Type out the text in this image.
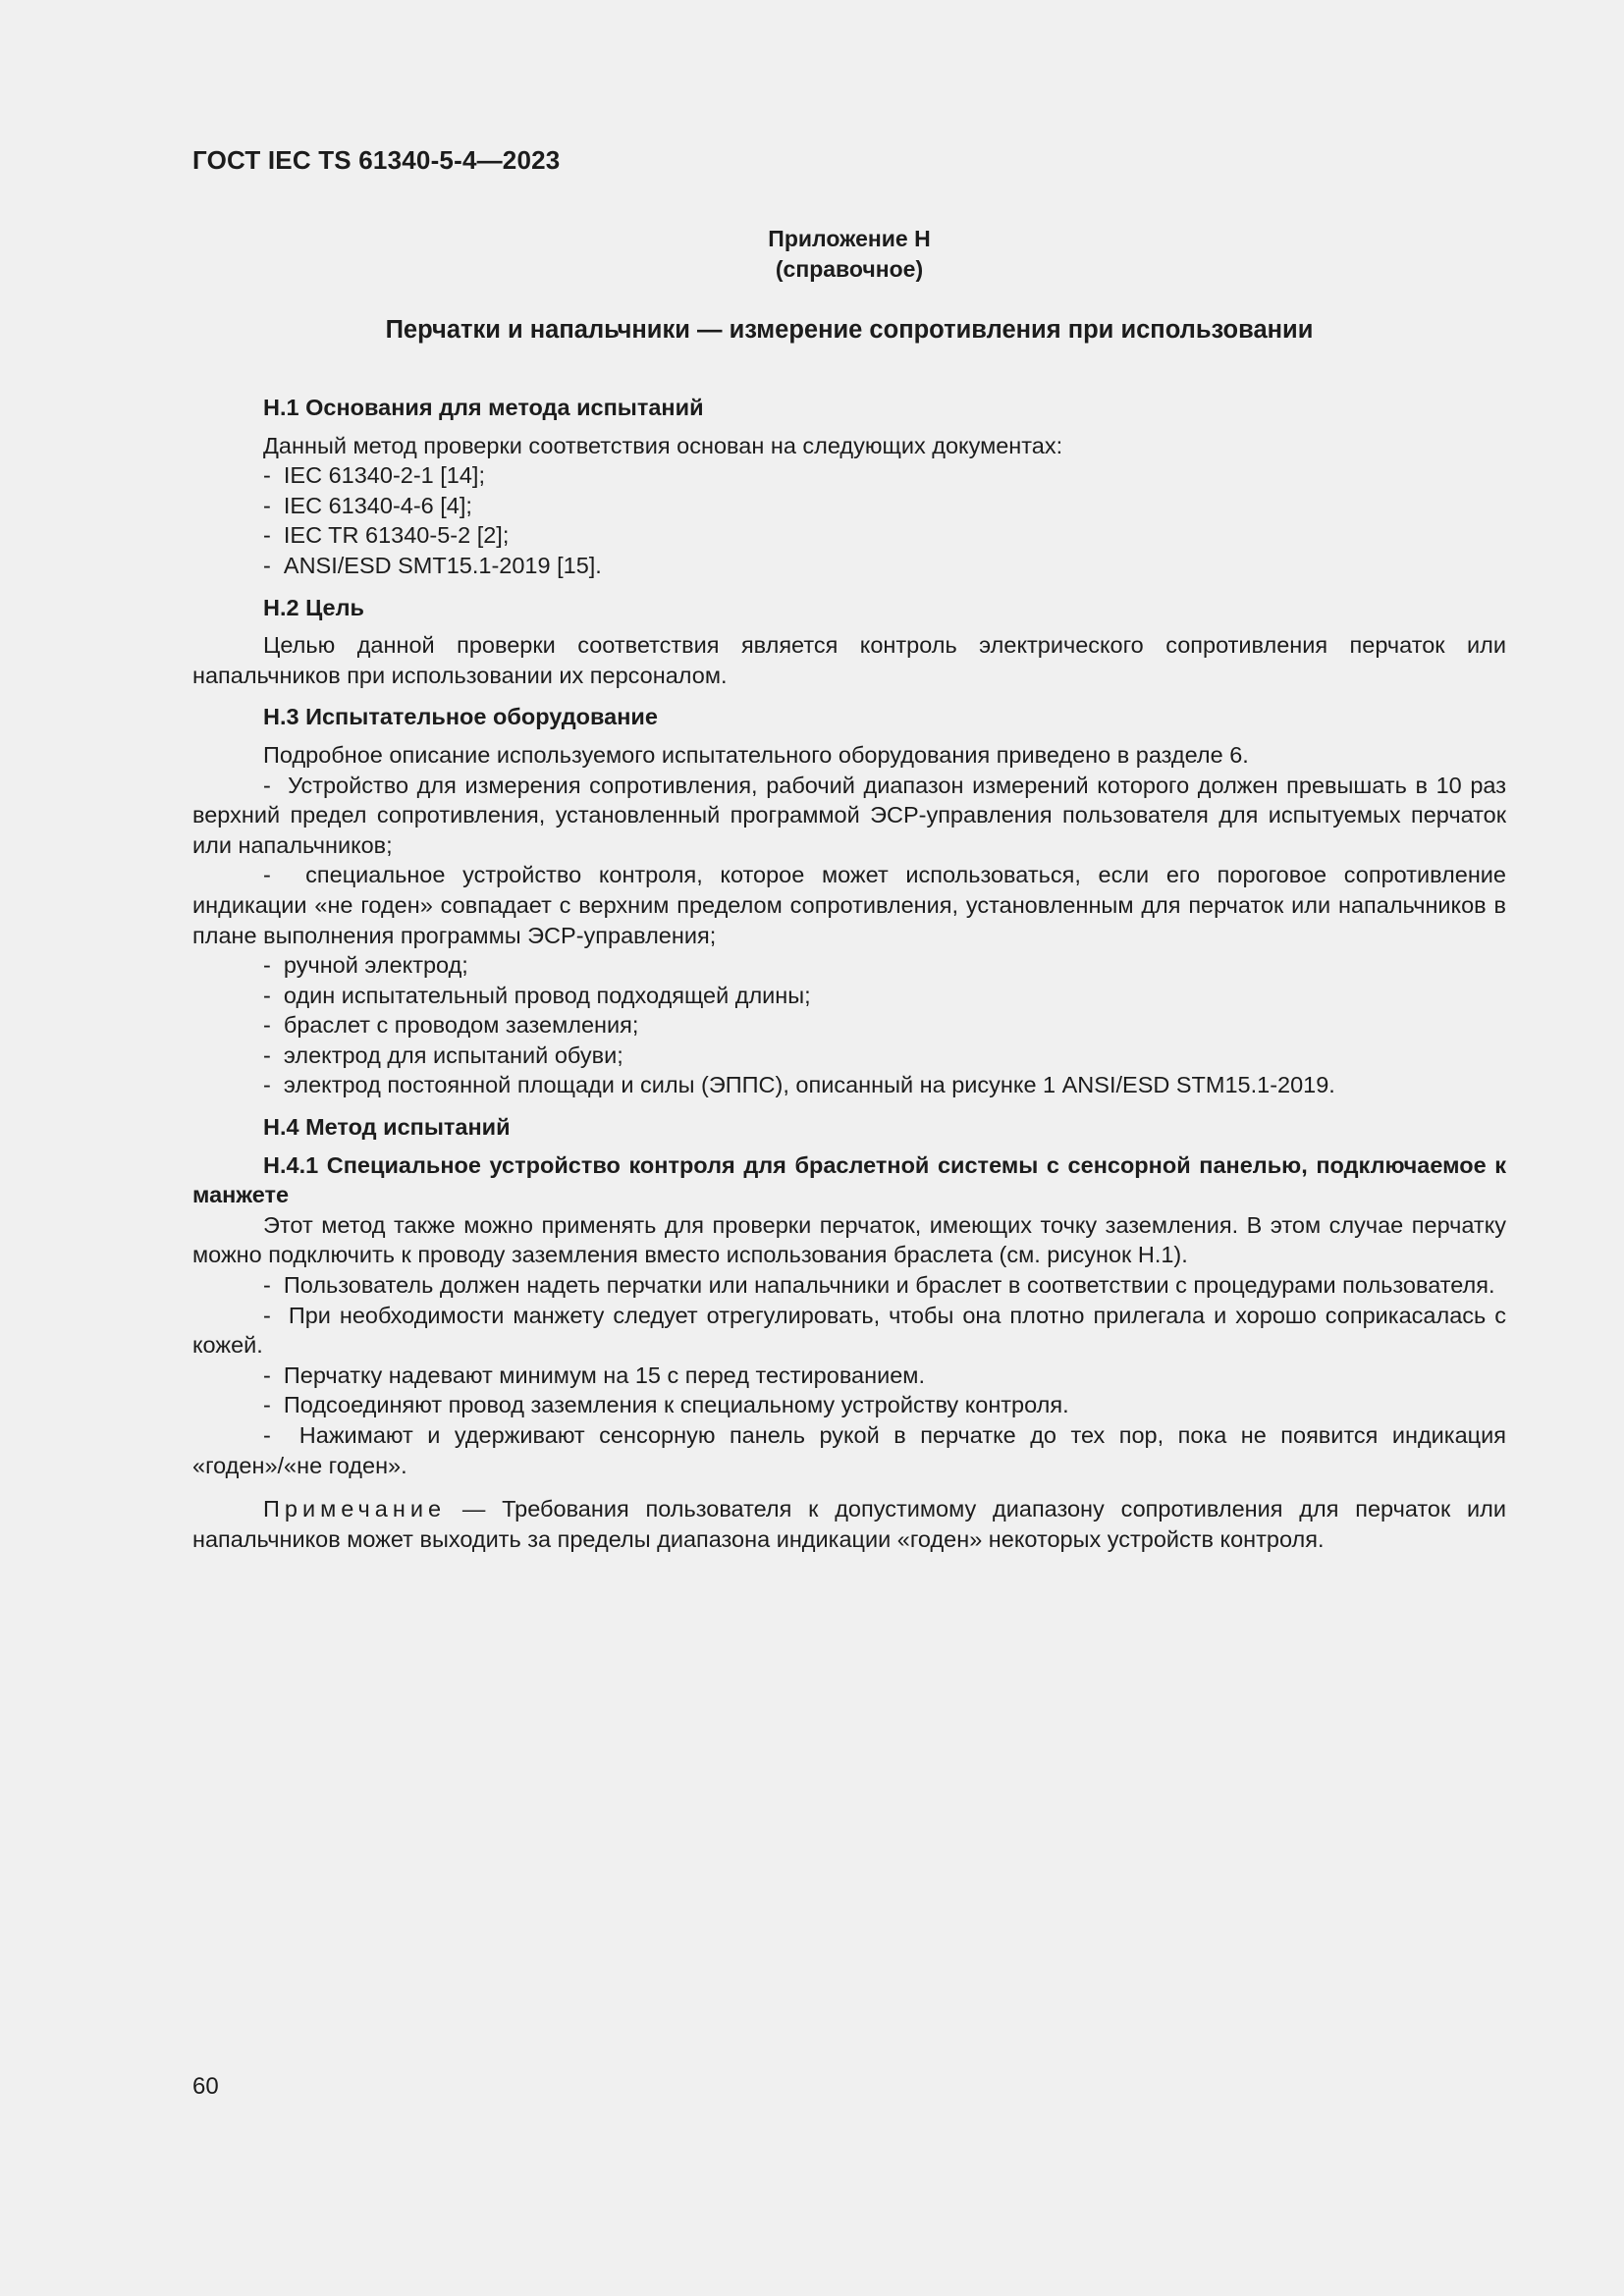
ГОСТ IEC TS 61340-5-4—2023
Приложение Н
(справочное)
Перчатки и напальчники — измерение сопротивления при использовании

Н.1 Основания для метода испытаний

Данный метод проверки соответствия основан на следующих документах:

-  IEC 61340-2-1 [14];

-  IEC 61340-4-6 [4];

-  IEC TR 61340-5-2 [2];

-  ANSI/ESD SMT15.1-2019 [15].

Н.2 Цель

Целью данной проверки соответствия является контроль электрического сопротивления перчаток или напальчников при использовании их персоналом.

Н.3 Испытательное оборудование

Подробное описание используемого испытательного оборудования приведено в разделе 6.

-  Устройство для измерения сопротивления, рабочий диапазон измерений которого должен превышать в 10 раз верхний предел сопротивления, установленный программой ЭСР-управления пользователя для испытуемых перчаток или напальчников;

-  специальное устройство контроля, которое может использоваться, если его пороговое сопротивление индикации «не годен» совпадает с верхним пределом сопротивления, установленным для перчаток или напальчников в плане выполнения программы ЭСР-управления;

-  ручной электрод;

-  один испытательный провод подходящей длины;

-  браслет с проводом заземления;

-  электрод для испытаний обуви;

-  электрод постоянной площади и силы (ЭППС), описанный на рисунке 1 ANSI/ESD STM15.1-2019.

Н.4 Метод испытаний

Н.4.1 Специальное устройство контроля для браслетной системы с сенсорной панелью, подключаемое к манжете

Этот метод также можно применять для проверки перчаток, имеющих точку заземления. В этом случае перчатку можно подключить к проводу заземления вместо использования браслета (см. рисунок Н.1).

-  Пользователь должен надеть перчатки или напальчники и браслет в соответствии с процедурами пользователя.

-  При необходимости манжету следует отрегулировать, чтобы она плотно прилегала и хорошо соприкасалась с кожей.

-  Перчатку надевают минимум на 15 с перед тестированием.

-  Подсоединяют провод заземления к специальному устройству контроля.

-  Нажимают и удерживают сенсорную панель рукой в перчатке до тех пор, пока не появится индикация «годен»/«не годен».

Примечание — Требования пользователя к допустимому диапазону сопротивления для перчаток или напальчников может выходить за пределы диапазона индикации «годен» некоторых устройств контроля.

60
